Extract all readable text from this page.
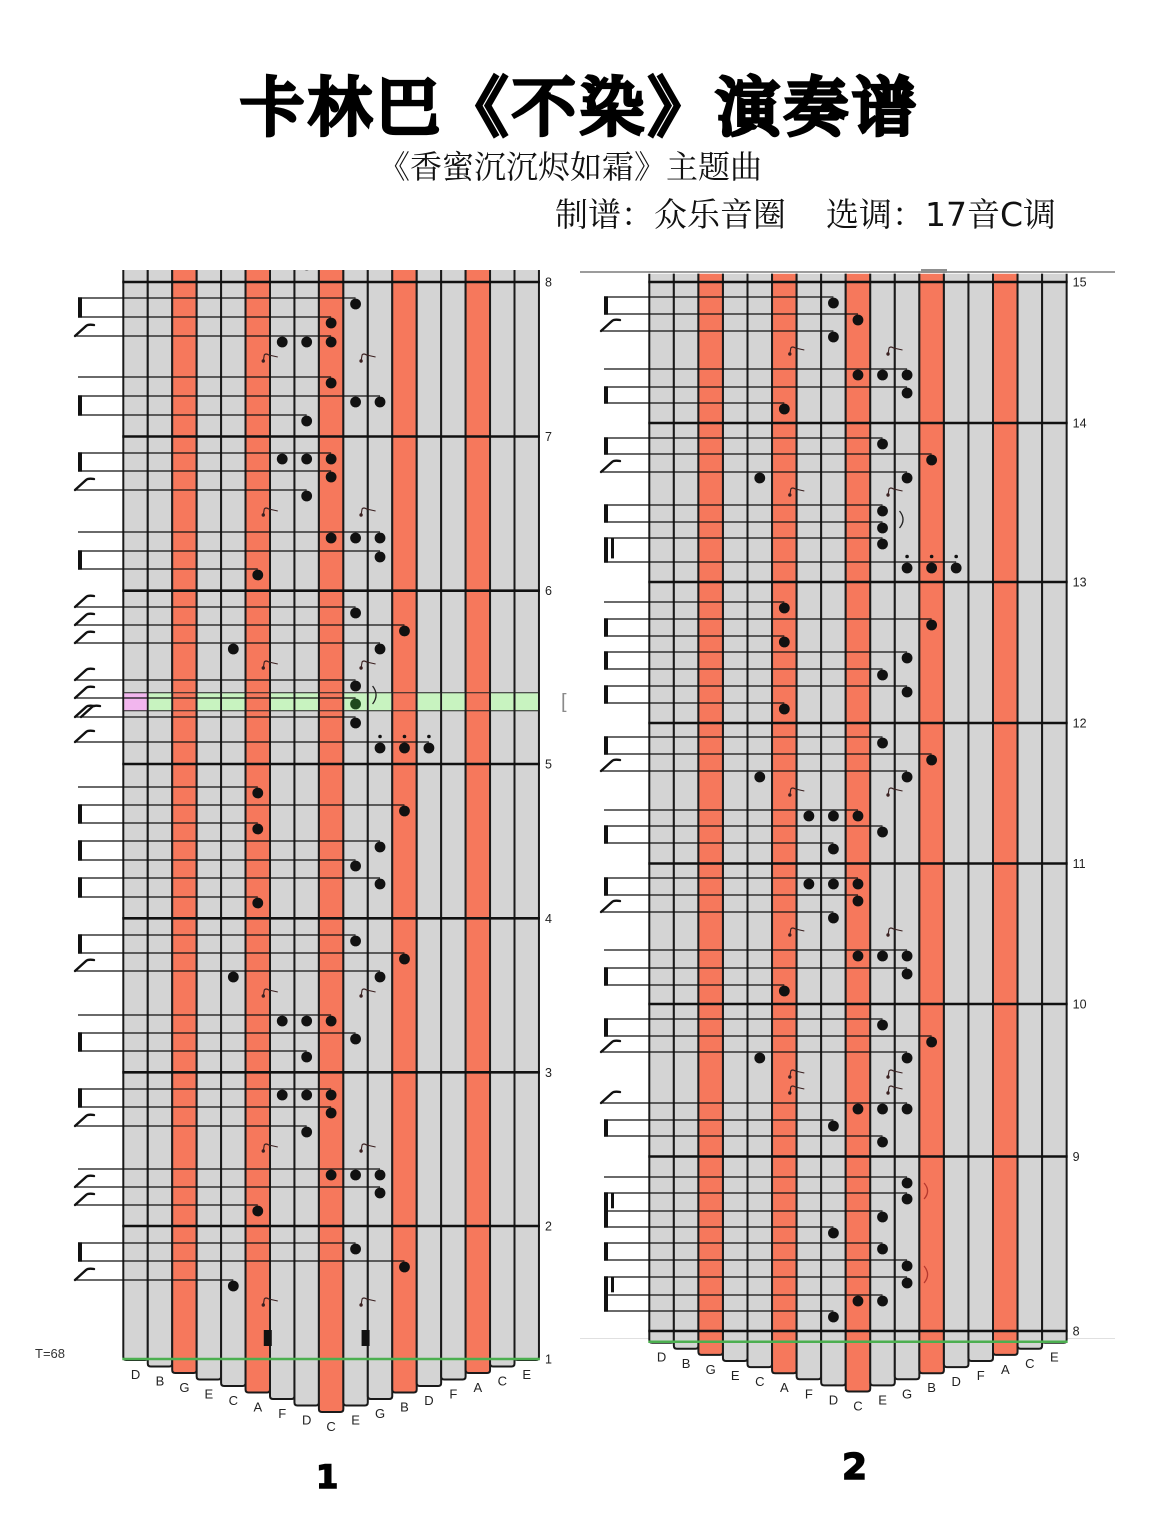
卡林巴《不染》演奏谱
《香蜜沉沉烬如霜》主题曲
制谱：众乐音圈 选调：17音C调
D B G E C A F D C E G B D F A C E
8
7
6
5
4
3
2
1	D B G E C A F D C E G B D F A C E
15
14
13
12
11
10
9
8
T=68
[
1	2
